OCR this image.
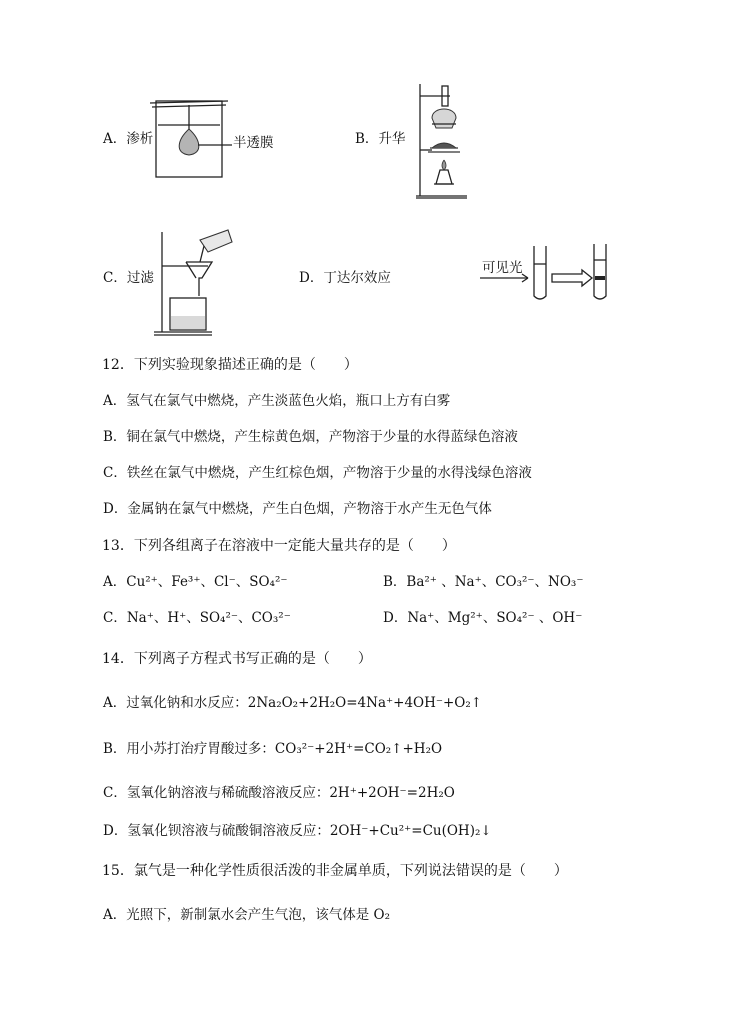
A．渗析	半透膜	B．升华
C．过滤	D．丁达尔效应
可见光
12．下列实验现象描述正确的是（　　）
A．氢气在氯气中燃烧，产生淡蓝色火焰，瓶口上方有白雾
B．铜在氯气中燃烧，产生棕黄色烟，产物溶于少量的水得蓝绿色溶液
C．铁丝在氯气中燃烧，产生红棕色烟，产物溶于少量的水得浅绿色溶液
D．金属钠在氯气中燃烧，产生白色烟，产物溶于水产生无色气体
13．下列各组离子在溶液中一定能大量共存的是（　　）
A．Cu²⁺、Fe³⁺、Cl⁻、SO₄²⁻	B．Ba²⁺ 、Na⁺、CO₃²⁻、NO₃⁻
C．Na⁺、H⁺、SO₄²⁻、CO₃²⁻	D．Na⁺、Mg²⁺、SO₄²⁻ 、OH⁻
14．下列离子方程式书写正确的是（　　）
A．过氧化钠和水反应：2Na₂O₂+2H₂O=4Na⁺+4OH⁻+O₂↑
B．用小苏打治疗胃酸过多：CO₃²⁻+2H⁺=CO₂↑+H₂O
C．氢氧化钠溶液与稀硫酸溶液反应：2H⁺+2OH⁻=2H₂O
D．氢氧化钡溶液与硫酸铜溶液反应：2OH⁻+Cu²⁺=Cu(OH)₂↓
15．氯气是一种化学性质很活泼的非金属单质，下列说法错误的是（　　）
A．光照下，新制氯水会产生气泡，该气体是 O₂
